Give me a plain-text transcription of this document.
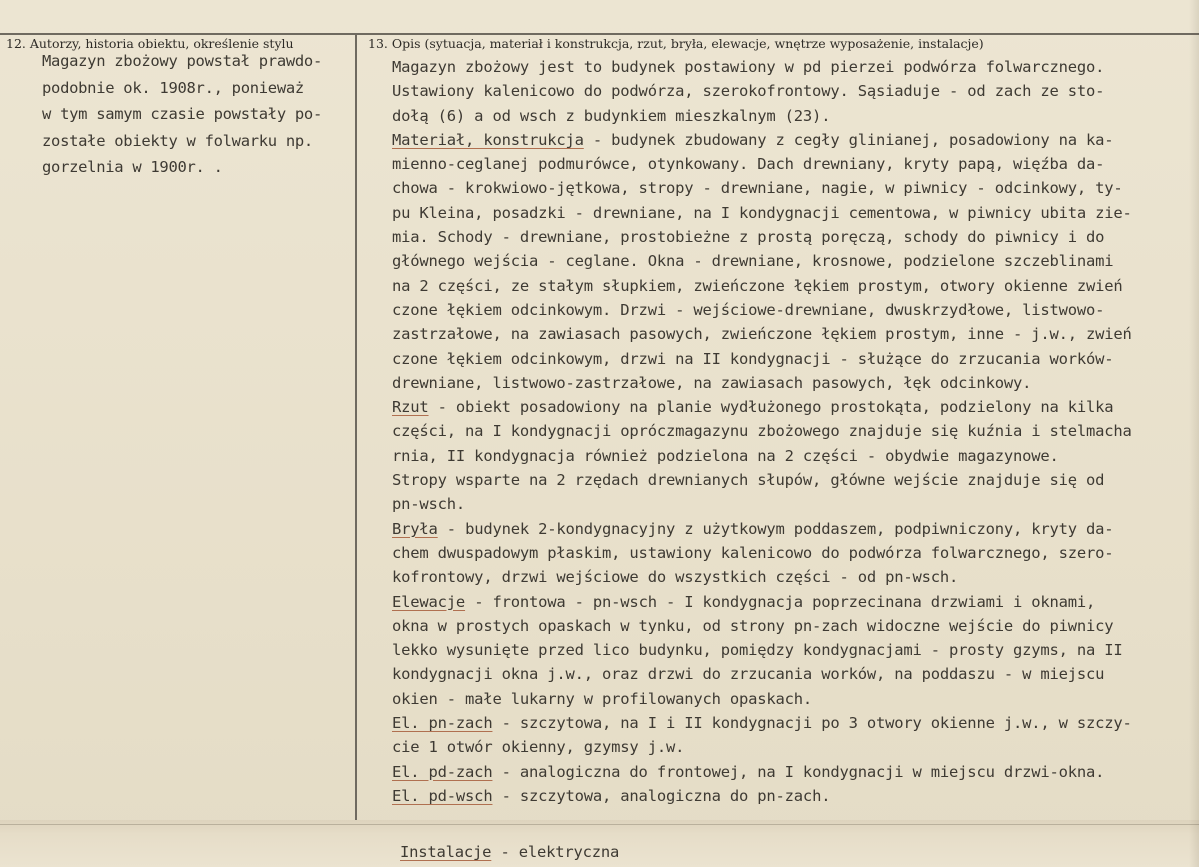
12. Autorzy, historia obiektu, określenie stylu	13. Opis (sytuacja, materiał i konstrukcja, rzut, bryła, elewacje, wnętrze wyposażenie, instalacje)
Magazyn zbożowy powstał prawdo-
podobnie ok. 1908r., ponieważ
w tym samym czasie powstały po-
zostałe obiekty w folwarku np.
gorzelnia w 1900r. .
Magazyn zbożowy jest to budynek postawiony w pd pierzei podwórza folwarcznego.
Ustawiony kalenicowo do podwórza, szerokofrontowy. Sąsiaduje - od zach ze sto-
dołą (6) a od wsch z budynkiem mieszkalnym (23).
Materiał, konstrukcja - budynek zbudowany z cegły glinianej, posadowiony na ka-
mienno-ceglanej podmurówce, otynkowany. Dach drewniany, kryty papą, więźba da-
chowa - krokwiowo-jętkowa, stropy - drewniane, nagie, w piwnicy - odcinkowy, ty-
pu Kleina, posadzki - drewniane, na I kondygnacji cementowa, w piwnicy ubita zie-
mia. Schody - drewniane, prostobieżne z prostą poręczą, schody do piwnicy i do
głównego wejścia - ceglane. Okna - drewniane, krosnowe, podzielone szczeblinami
na 2 części, ze stałym słupkiem, zwieńczone łękiem prostym, otwory okienne zwień
czone łękiem odcinkowym. Drzwi - wejściowe-drewniane, dwuskrzydłowe, listwowo-
zastrzałowe, na zawiasach pasowych, zwieńczone łękiem prostym, inne - j.w., zwień
czone łękiem odcinkowym, drzwi na II kondygnacji - służące do zrzucania worków-
drewniane, listwowo-zastrzałowe, na zawiasach pasowych, łęk odcinkowy.
Rzut - obiekt posadowiony na planie wydłużonego prostokąta, podzielony na kilka
części, na I kondygnacji opróczmagazynu zbożowego znajduje się kuźnia i stelmacha
rnia, II kondygnacja również podzielona na 2 części - obydwie magazynowe.
Stropy wsparte na 2 rzędach drewnianych słupów, główne wejście znajduje się od
pn-wsch.
Bryła - budynek 2-kondygnacyjny z użytkowym poddaszem, podpiwniczony, kryty da-
chem dwuspadowym płaskim, ustawiony kalenicowo do podwórza folwarcznego, szero-
kofrontowy, drzwi wejściowe do wszystkich części - od pn-wsch.
Elewacje - frontowa - pn-wsch - I kondygnacja poprzecinana drzwiami i oknami,
okna w prostych opaskach w tynku, od strony pn-zach widoczne wejście do piwnicy
lekko wysunięte przed lico budynku, pomiędzy kondygnacjami - prosty gzyms, na II
kondygnacji okna j.w., oraz drzwi do zrzucania worków, na poddaszu - w miejscu
okien - małe lukarny w profilowanych opaskach.
El. pn-zach - szczytowa, na I i II kondygnacji po 3 otwory okienne j.w., w szczy-
cie 1 otwór okienny, gzymsy j.w.
El. pd-zach - analogiczna do frontowej, na I kondygnacji w miejscu drzwi-okna.
El. pd-wsch - szczytowa, analogiczna do pn-zach.
Instalacje - elektryczna
